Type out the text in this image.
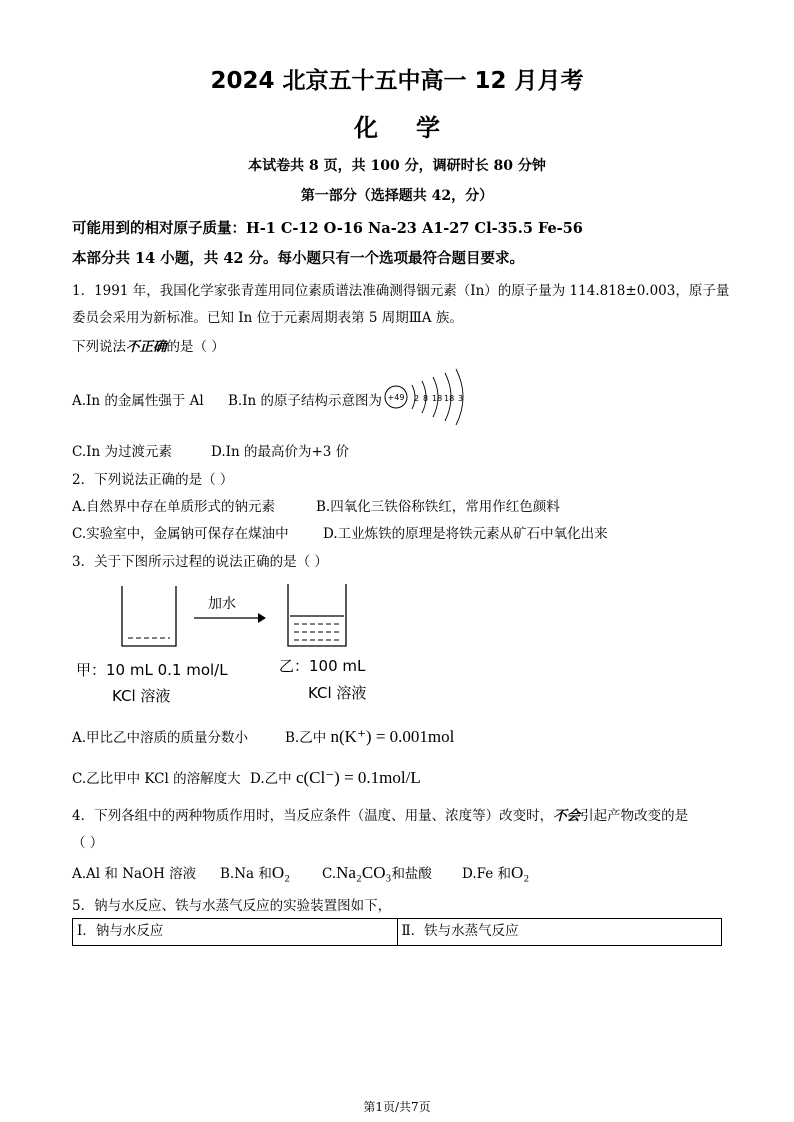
2024 北京五十五中高一 12 月月考
化学
本试卷共 8 页，共 100 分，调研时长 80 分钟
第一部分（选择题共 42，分）
可能用到的相对原子质量：H-1 C-12 O-16 Na-23 A1-27 Cl-35.5 Fe-56
本部分共 14 小题，共 42 分。每小题只有一个选项最符合题目要求。
1．1991 年，我国化学家张青莲用同位素质谱法准确测得铟元素（In）的原子量为 114.818±0.003，原子量
委员会采用为新标准。已知 In 位于元素周期表第 5 周期ⅢA 族。
下列说法不正确的是（ ）
A.In 的金属性强于 Al B.In 的原子结构示意图为 +49 2 8 18 18 3
C.In 为过渡元素	D.In 的最高价为+3 价
2．下列说法正确的是（ ）
A.自然界中存在单质形式的钠元素	B.四氧化三铁俗称铁红，常用作红色颜料
C.实验室中，金属钠可保存在煤油中	D.工业炼铁的原理是将铁元素从矿石中氧化出来
3．关于下图所示过程的说法正确的是（ ）
加水
甲：10 mL 0.1 mol/L
KCl 溶液
乙：100 mL
KCl 溶液
A.甲比乙中溶质的质量分数小	B.乙中 n(K⁺) = 0.001mol
C.乙比甲中 KCl 的溶解度大 D.乙中 c(Cl⁻) = 0.1mol/L
4．下列各组中的两种物质作用时，当反应条件（温度、用量、浓度等）改变时，不会引起产物改变的是
（ ）
A.Al 和 NaOH 溶液 B.Na 和O₂ C.Na₂CO₃和盐酸 D.Fe 和O₂
5．钠与水反应、铁与水蒸气反应的实验装置图如下，
Ⅰ．钠与水反应	Ⅱ．铁与水蒸气反应
第1页/共7页
